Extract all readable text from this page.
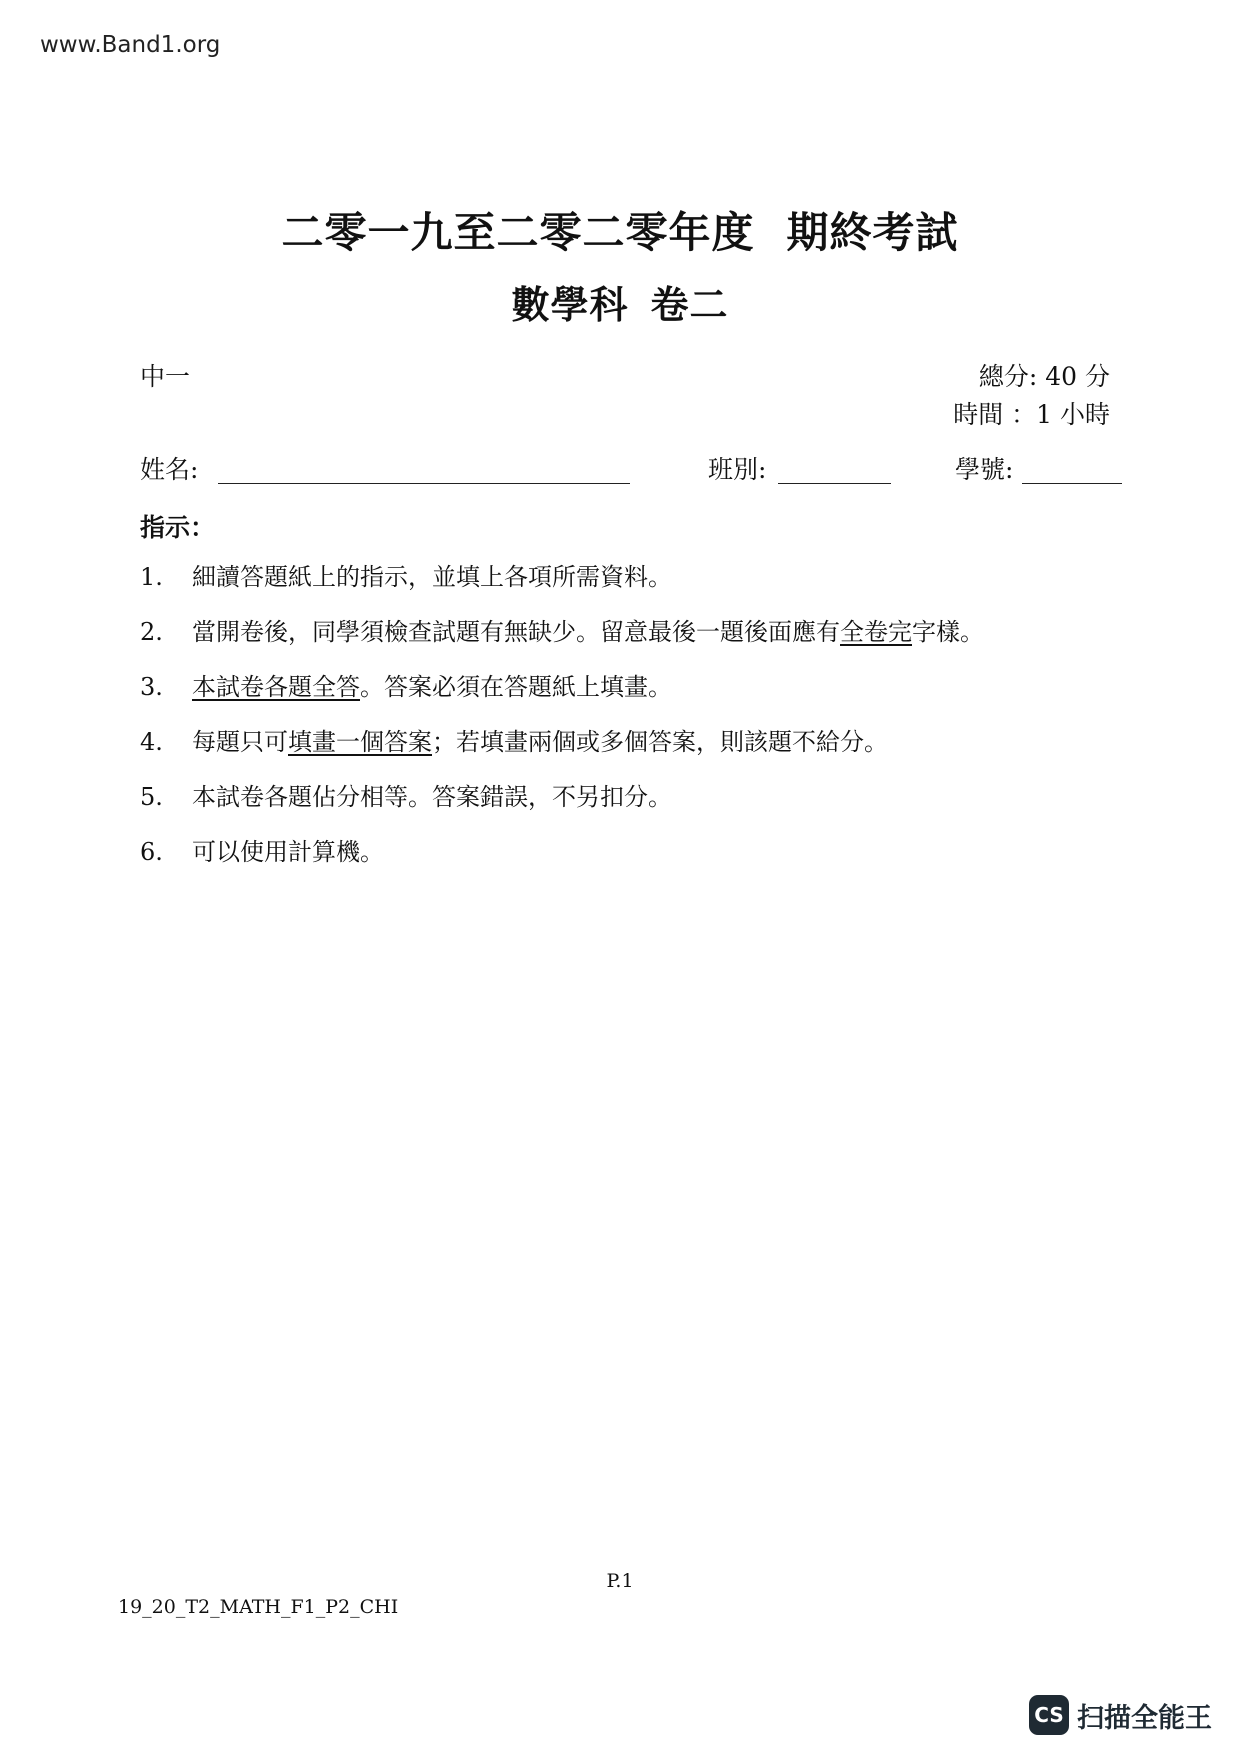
www.Band1.org
二零一九至二零二零年度 期終考試
數學科 卷二
中一	總分: 40 分
時間 ：1 小時
姓名:	班別:	學號:
指示：
1.	細讀答題紙上的指示，並填上各項所需資料。
2.	當開卷後，同學須檢查試題有無缺少。留意最後一題後面應有全卷完字樣。
3.	本試卷各題全答。答案必須在答題紙上填畫。
4.	每題只可填畫一個答案；若填畫兩個或多個答案，則該題不給分。
5.	本試卷各題佔分相等。答案錯誤，不另扣分。
6.	可以使用計算機。
P.1
19_20_T2_MATH_F1_P2_CHI
CS 扫描全能王
